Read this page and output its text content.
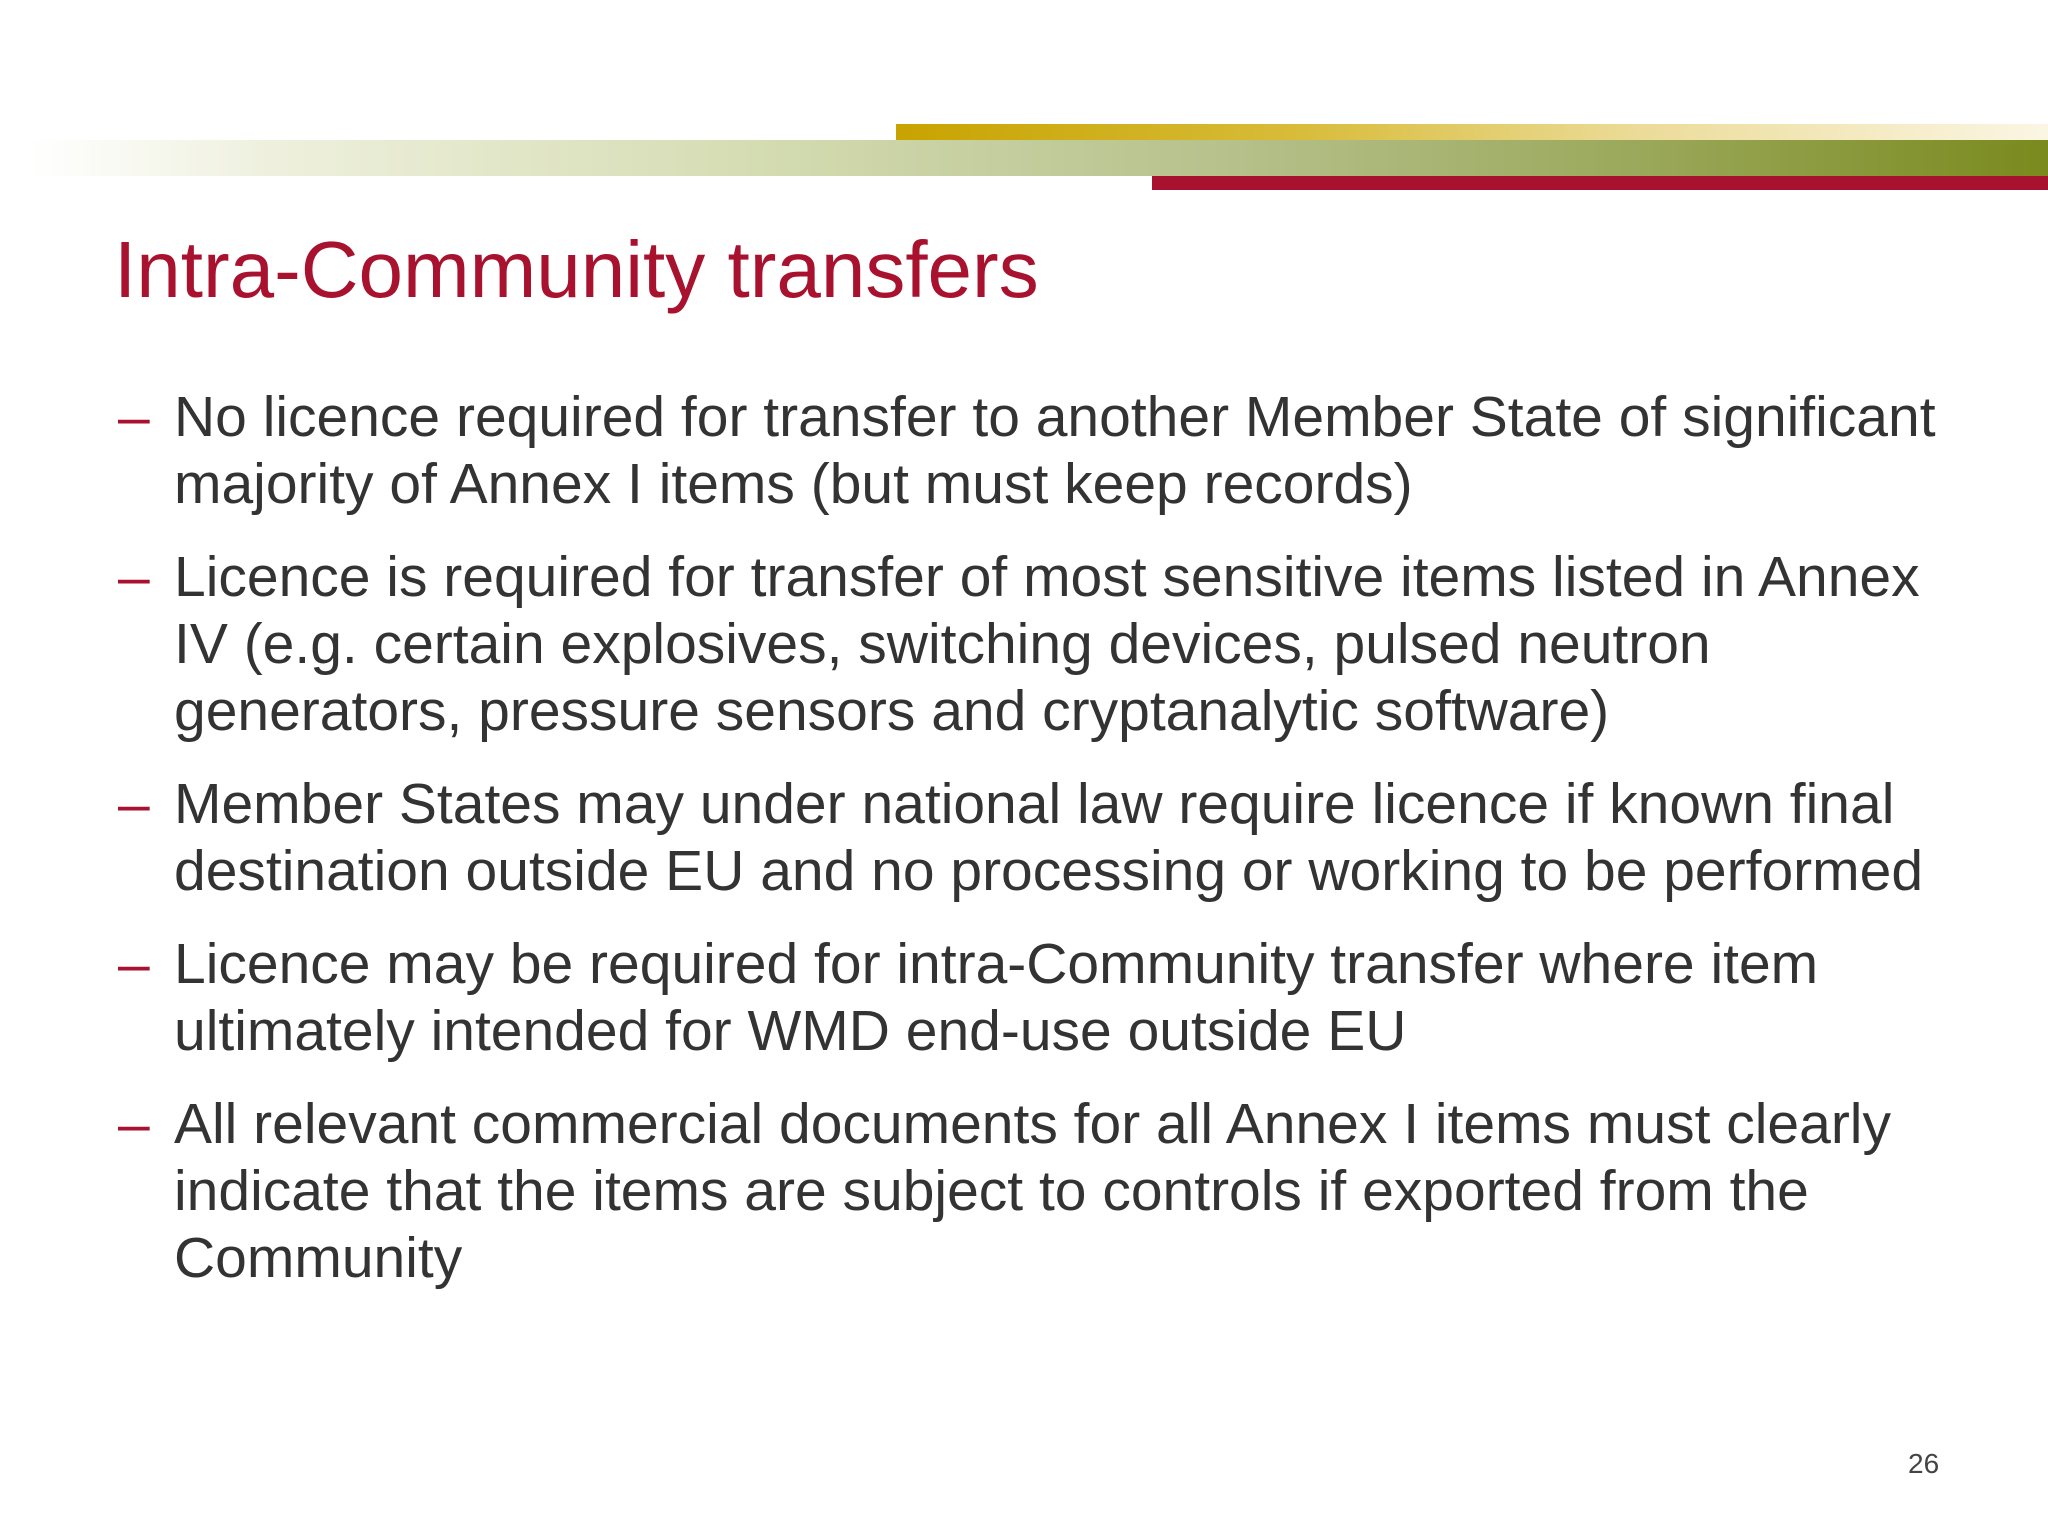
Intra-Community transfers
– No licence required for transfer to another Member State of significant majority of Annex I items (but must keep records)
– Licence is required for transfer of most sensitive items listed in Annex IV (e.g. certain explosives, switching devices, pulsed neutron generators, pressure sensors and cryptanalytic software)
– Member States may under national law require licence if known final destination outside EU and no processing or working to be performed
– Licence may be required for intra-Community transfer where item ultimately intended for WMD end-use outside EU
– All relevant commercial documents for all Annex I items must clearly indicate that the items are subject to controls if exported from the Community
26
